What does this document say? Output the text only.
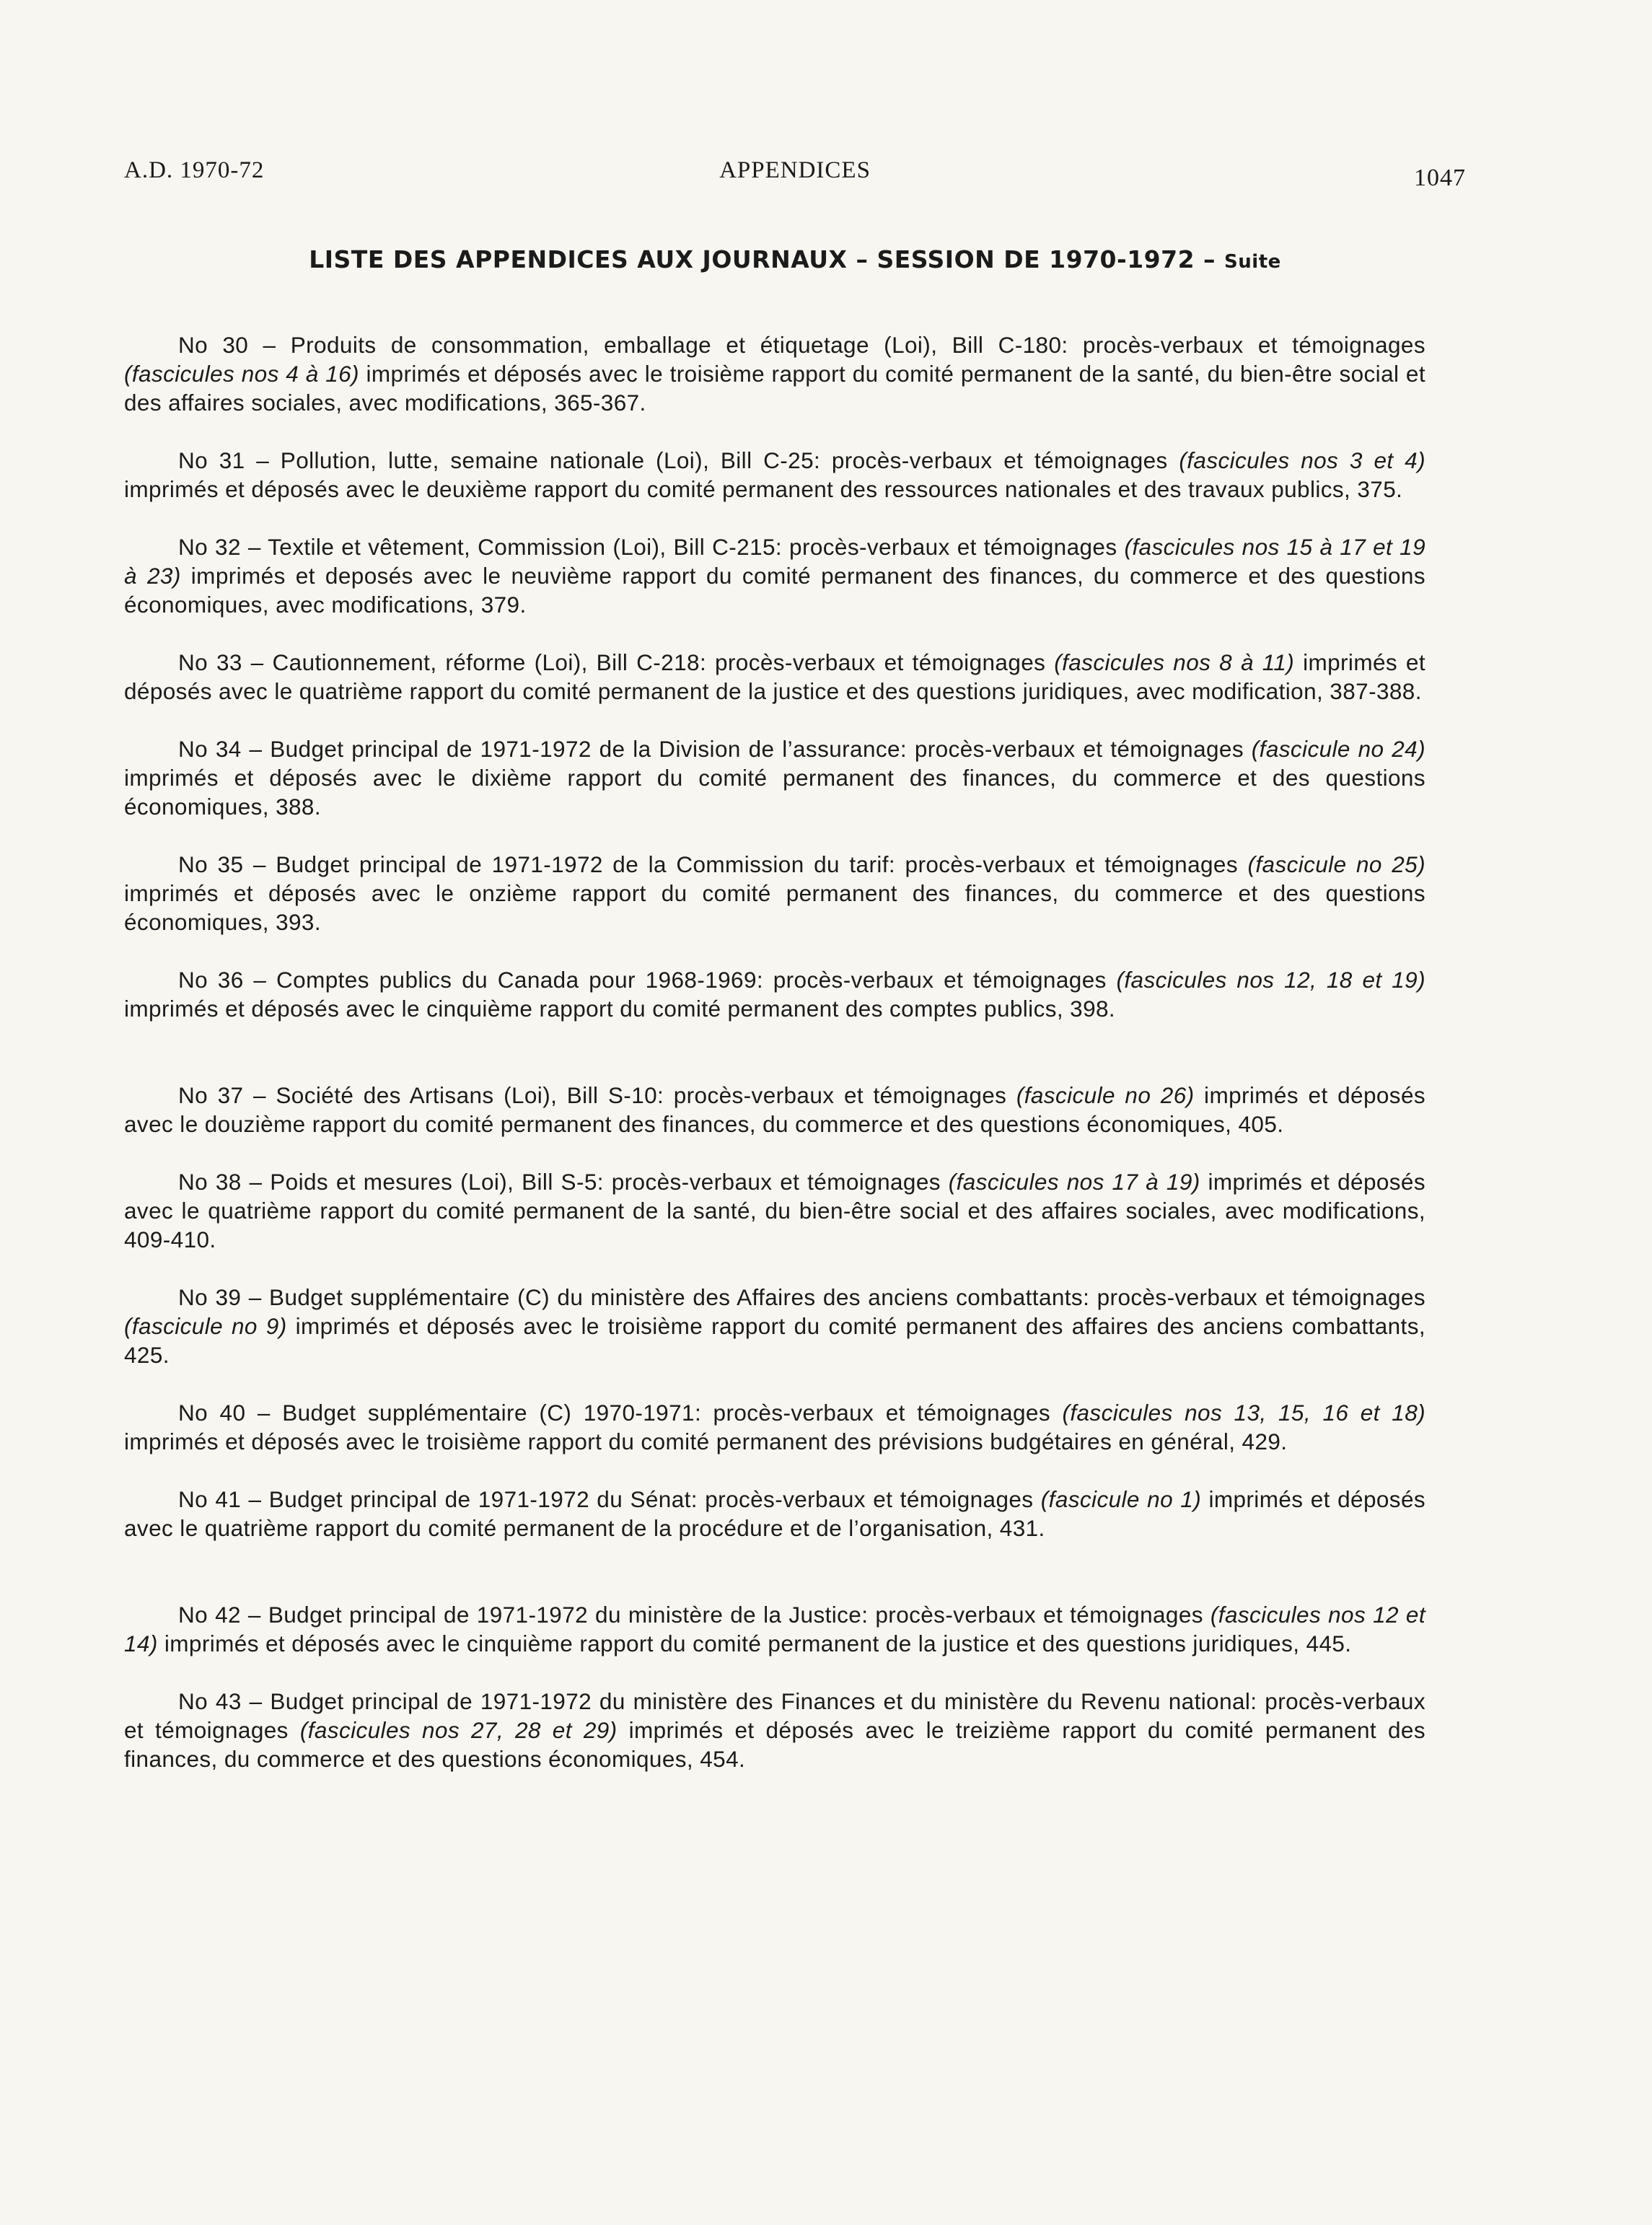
A.D. 1970-72	APPENDICES	1047
LISTE DES APPENDICES AUX JOURNAUX – SESSION DE 1970-1972 – Suite

No 30 – Produits de consommation, emballage et étiquetage (Loi), Bill C-180: procès-verbaux et témoignages (fascicules nos 4 à 16) imprimés et déposés avec le troisième rapport du comité permanent de la santé, du bien-être social et des affaires sociales, avec modifications, 365-367.

No 31 – Pollution, lutte, semaine nationale (Loi), Bill C-25: procès-verbaux et témoignages (fascicules nos 3 et 4) imprimés et déposés avec le deuxième rapport du comité permanent des ressources nationales et des travaux publics, 375.

No 32 – Textile et vêtement, Commission (Loi), Bill C-215: procès-verbaux et témoignages (fascicules nos 15 à 17 et 19 à 23) imprimés et deposés avec le neuvième rapport du comité permanent des finances, du commerce et des questions économiques, avec modifications, 379.

No 33 – Cautionnement, réforme (Loi), Bill C-218: procès-verbaux et témoignages (fascicules nos 8 à 11) imprimés et déposés avec le quatrième rapport du comité permanent de la justice et des questions juridiques, avec modification, 387-388.

No 34 – Budget principal de 1971-1972 de la Division de l’assurance: procès-verbaux et témoignages (fascicule no 24) imprimés et déposés avec le dixième rapport du comité permanent des finances, du commerce et des questions économiques, 388.

No 35 – Budget principal de 1971-1972 de la Commission du tarif: procès-verbaux et témoignages (fascicule no 25) imprimés et déposés avec le onzième rapport du comité permanent des finances, du commerce et des questions économiques, 393.

No 36 – Comptes publics du Canada pour 1968-1969: procès-verbaux et témoignages (fascicules nos 12, 18 et 19) imprimés et déposés avec le cinquième rapport du comité permanent des comptes publics, 398.

No 37 – Société des Artisans (Loi), Bill S-10: procès-verbaux et témoignages (fascicule no 26) imprimés et déposés avec le douzième rapport du comité permanent des finances, du commerce et des questions économiques, 405.

No 38 – Poids et mesures (Loi), Bill S-5: procès-verbaux et témoignages (fascicules nos 17 à 19) imprimés et déposés avec le quatrième rapport du comité permanent de la santé, du bien-être social et des affaires sociales, avec modifications, 409-410.

No 39 – Budget supplémentaire (C) du ministère des Affaires des anciens combattants: procès-verbaux et témoignages (fascicule no 9) imprimés et déposés avec le troisième rapport du comité permanent des affaires des anciens combattants, 425.

No 40 – Budget supplémentaire (C) 1970-1971: procès-verbaux et témoignages (fascicules nos 13, 15, 16 et 18) imprimés et déposés avec le troisième rapport du comité permanent des prévisions budgétaires en général, 429.

No 41 – Budget principal de 1971-1972 du Sénat: procès-verbaux et témoignages (fascicule no 1) imprimés et déposés avec le quatrième rapport du comité permanent de la procédure et de l’organisation, 431.

No 42 – Budget principal de 1971-1972 du ministère de la Justice: procès-verbaux et témoignages (fascicules nos 12 et 14) imprimés et déposés avec le cinquième rapport du comité permanent de la justice et des questions juridiques, 445.

No 43 – Budget principal de 1971-1972 du ministère des Finances et du ministère du Revenu national: procès-verbaux et témoignages (fascicules nos 27, 28 et 29) imprimés et déposés avec le treizième rapport du comité permanent des finances, du commerce et des questions économiques, 454.
